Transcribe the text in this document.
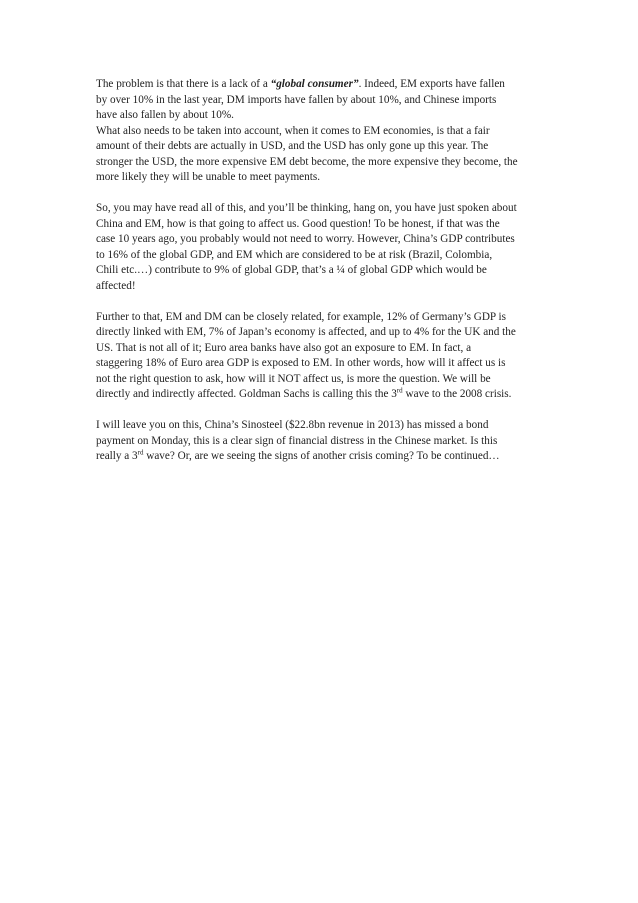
The problem is that there is a lack of a “global consumer”. Indeed, EM exports have fallen
by over 10% in the last year, DM imports have fallen by about 10%, and Chinese imports
have also fallen by about 10%.
What also needs to be taken into account, when it comes to EM economies, is that a fair
amount of their debts are actually in USD, and the USD has only gone up this year. The
stronger the USD, the more expensive EM debt become, the more expensive they become, the
more likely they will be unable to meet payments.

So, you may have read all of this, and you’ll be thinking, hang on, you have just spoken about
China and EM, how is that going to affect us. Good question! To be honest, if that was the
case 10 years ago, you probably would not need to worry. However, China’s GDP contributes
to 16% of the global GDP, and EM which are considered to be at risk (Brazil, Colombia,
Chili etc.…) contribute to 9% of global GDP, that’s a ¼ of global GDP which would be
affected!

Further to that, EM and DM can be closely related, for example, 12% of Germany’s GDP is
directly linked with EM, 7% of Japan’s economy is affected, and up to 4% for the UK and the
US. That is not all of it; Euro area banks have also got an exposure to EM. In fact, a
staggering 18% of Euro area GDP is exposed to EM. In other words, how will it affect us is
not the right question to ask, how will it NOT affect us, is more the question. We will be
directly and indirectly affected. Goldman Sachs is calling this the 3rd wave to the 2008 crisis.

I will leave you on this, China’s Sinosteel ($22.8bn revenue in 2013) has missed a bond
payment on Monday, this is a clear sign of financial distress in the Chinese market. Is this
really a 3rd wave? Or, are we seeing the signs of another crisis coming? To be continued…
